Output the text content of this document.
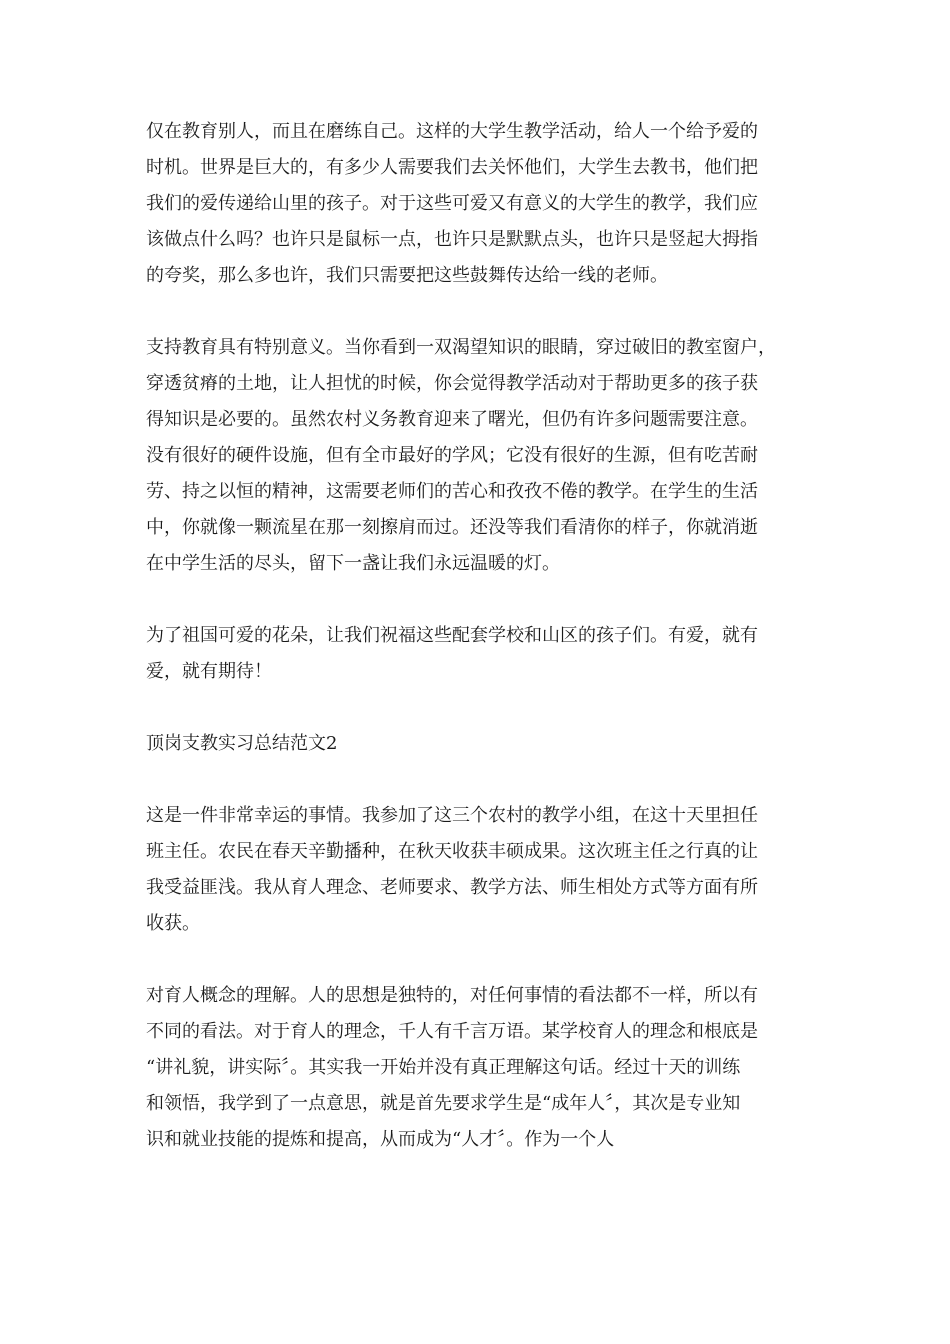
仅在教育别人，而且在磨练自己。这样的大学生教学活动，给人一个给予爱的
时机。世界是巨大的，有多少人需要我们去关怀他们，大学生去教书，他们把
我们的爱传递给山里的孩子。对于这些可爱又有意义的大学生的教学，我们应
该做点什么吗？也许只是鼠标一点，也许只是默默点头，也许只是竖起大拇指
的夸奖，那么多也许，我们只需要把这些鼓舞传达给一线的老师。
支持教育具有特别意义。当你看到一双渴望知识的眼睛，穿过破旧的教室窗户，
穿透贫瘠的土地，让人担忧的时候，你会觉得教学活动对于帮助更多的孩子获
得知识是必要的。虽然农村义务教育迎来了曙光，但仍有许多问题需要注意。
没有很好的硬件设施，但有全市最好的学风；它没有很好的生源，但有吃苦耐
劳、持之以恒的精神，这需要老师们的苦心和孜孜不倦的教学。在学生的生活
中，你就像一颗流星在那一刻擦肩而过。还没等我们看清你的样子，你就消逝
在中学生活的尽头，留下一盏让我们永远温暖的灯。
为了祖国可爱的花朵，让我们祝福这些配套学校和山区的孩子们。有爱，就有
爱，就有期待！
顶岗支教实习总结范文2
这是一件非常幸运的事情。我参加了这三个农村的教学小组，在这十天里担任
班主任。农民在春天辛勤播种，在秋天收获丰硕成果。这次班主任之行真的让
我受益匪浅。我从育人理念、老师要求、教学方法、师生相处方式等方面有所
收获。
对育人概念的理解。人的思想是独特的，对任何事情的看法都不一样，所以有
不同的看法。对于育人的理念，千人有千言万语。某学校育人的理念和根底是
“讲礼貌，讲实际〞。其实我一开始并没有真正理解这句话。经过十天的训练
和领悟，我学到了一点意思，就是首先要求学生是“成年人〞，其次是专业知
识和就业技能的提炼和提高，从而成为“人才〞。作为一个人
